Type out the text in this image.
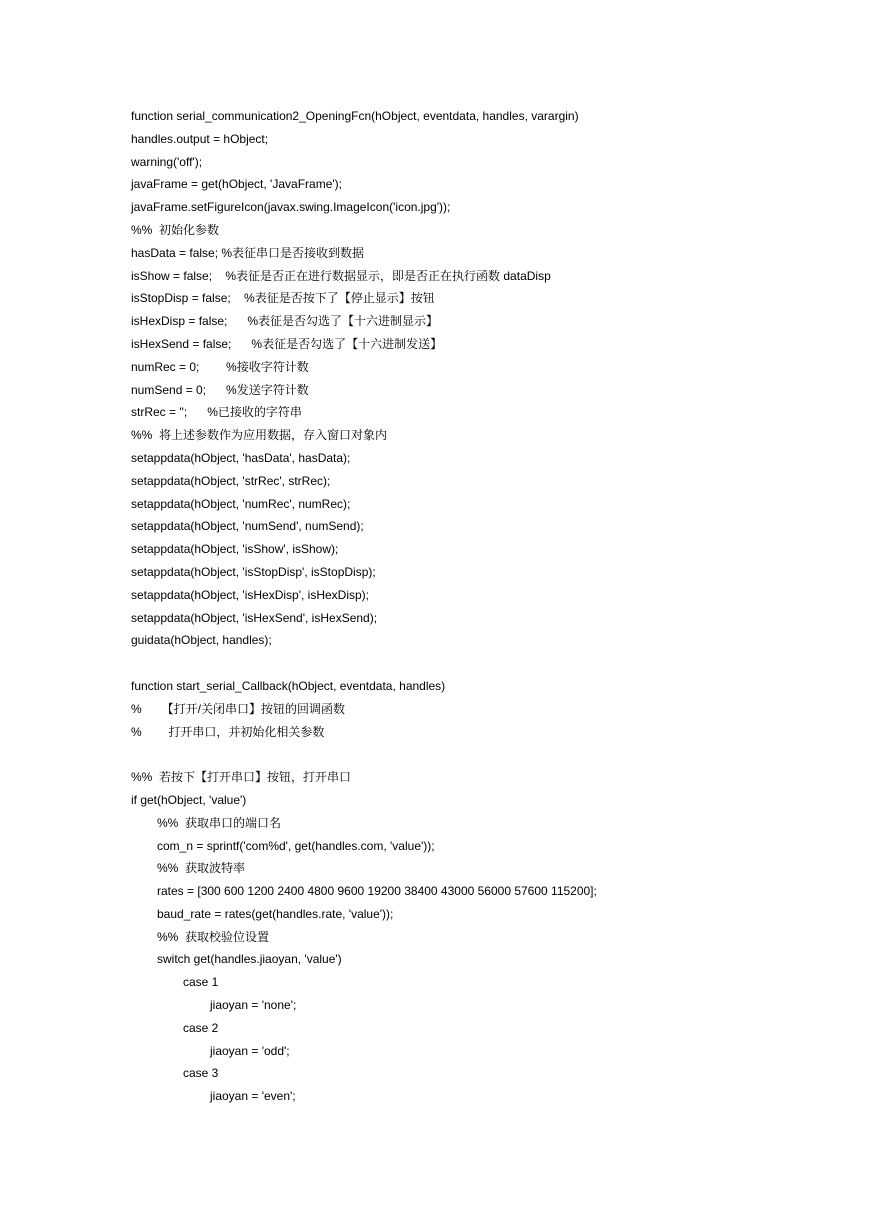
function serial_communication2_OpeningFcn(hObject, eventdata, handles, varargin)
handles.output = hObject;
warning('off');
javaFrame = get(hObject, 'JavaFrame');
javaFrame.setFigureIcon(javax.swing.ImageIcon('icon.jpg'));
%%  初始化参数
hasData = false; %表征串口是否接收到数据
isShow = false;    %表征是否正在进行数据显示，即是否正在执行函数 dataDisp
isStopDisp = false;    %表征是否按下了【停止显示】按钮
isHexDisp = false;      %表征是否勾选了【十六进制显示】
isHexSend = false;      %表征是否勾选了【十六进制发送】
numRec = 0;        %接收字符计数
numSend = 0;      %发送字符计数
strRec = '';      %已接收的字符串
%%  将上述参数作为应用数据，存入窗口对象内
setappdata(hObject, 'hasData', hasData);
setappdata(hObject, 'strRec', strRec);
setappdata(hObject, 'numRec', numRec);
setappdata(hObject, 'numSend', numSend);
setappdata(hObject, 'isShow', isShow);
setappdata(hObject, 'isStopDisp', isStopDisp);
setappdata(hObject, 'isHexDisp', isHexDisp);
setappdata(hObject, 'isHexSend', isHexSend);
guidata(hObject, handles);
function start_serial_Callback(hObject, eventdata, handles)
%      【打开/关闭串口】按钮的回调函数
%        打开串口，并初始化相关参数
%%  若按下【打开串口】按钮，打开串口
if get(hObject, 'value')
%%  获取串口的端口名
com_n = sprintf('com%d', get(handles.com, 'value'));
%%  获取波特率
rates = [300 600 1200 2400 4800 9600 19200 38400 43000 56000 57600 115200];
baud_rate = rates(get(handles.rate, 'value'));
%%  获取校验位设置
switch get(handles.jiaoyan, 'value')
case 1
jiaoyan = 'none';
case 2
jiaoyan = 'odd';
case 3
jiaoyan = 'even';
